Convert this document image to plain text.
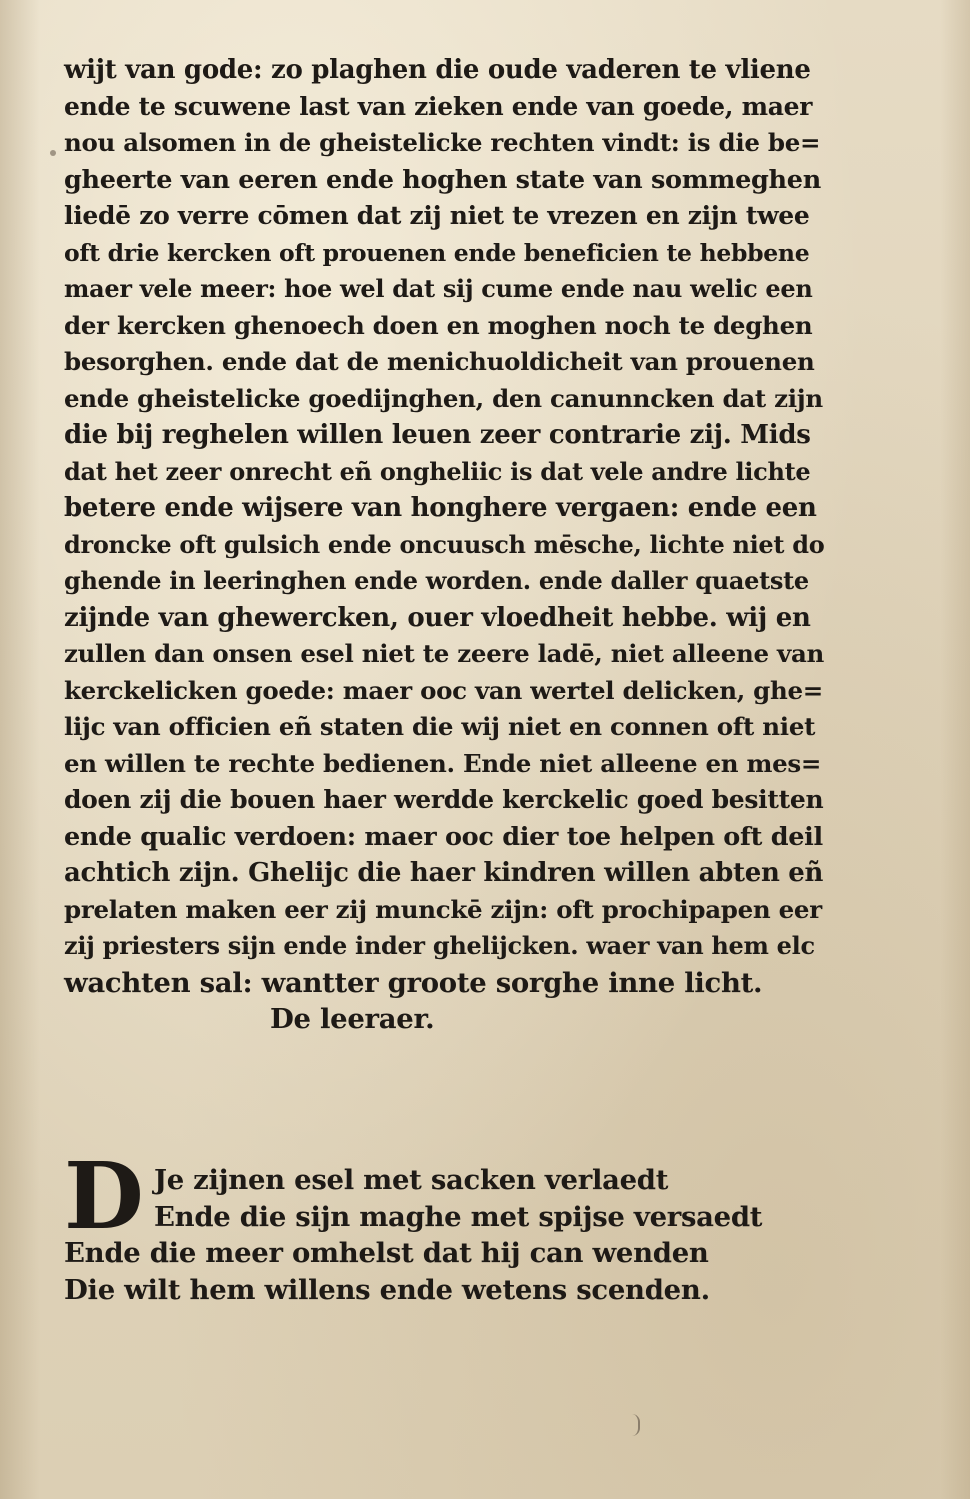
wijt van gode: zo plaghen die oude vaderen te vliene
ende te scuwene last van zieken ende van goede, maer
nou alsomen in de gheistelicke rechten vindt: is die be=
gheerte van eeren ende hoghen state van sommeghen
liedē zo verre cōmen dat zij niet te vrezen en zijn twee
oft drie kercken oft prouenen ende beneficien te hebbene
maer vele meer: hoe wel dat sij cume ende nau welic een
der kercken ghenoech doen en moghen noch te deghen
besorghen. ende dat de menichuoldicheit van prouenen
ende gheistelicke goedijnghen, den canunncken dat zijn
die bij reghelen willen leuen zeer contrarie zij. Mids
dat het zeer onrecht eñ ongheliic is dat vele andre lichte
betere ende wijsere van honghere vergaen: ende een
droncke oft gulsich ende oncuusch mēsche, lichte niet do
ghende in leeringhen ende worden. ende daller quaetste
zijnde van ghewercken, ouer vloedheit hebbe. wij en
zullen dan onsen esel niet te zeere ladē, niet alleene van
kerckelicken goede: maer ooc van wertel delicken, ghe=
lijc van officien eñ staten die wij niet en connen oft niet
en willen te rechte bedienen. Ende niet alleene en mes=
doen zij die bouen haer werdde kerckelic goed besitten
ende qualic verdoen: maer ooc dier toe helpen oft deil
achtich zijn. Ghelijc die haer kindren willen abten eñ
prelaten maken eer zij munckē zijn: oft prochipapen eer
zij priesters sijn ende inder ghelijcken. waer van hem elc
wachten sal: wantter groote sorghe inne licht.
De leeraer.
D Je zijnen esel met sacken verlaedt
Ende die sijn maghe met spijse versaedt
Ende die meer omhelst dat hij can wenden
Die wilt hem willens ende wetens scenden.
